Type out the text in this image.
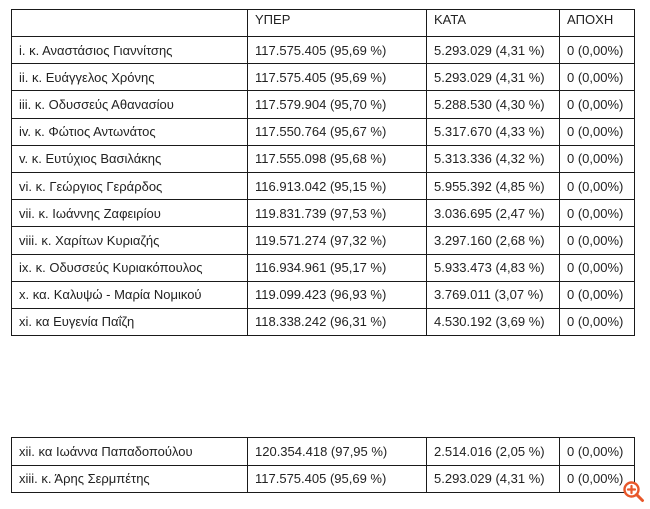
	ΥΠΕΡ	ΚΑΤΑ	ΑΠΟΧΗ
i. κ. Αναστάσιος Γιαννίτσης	117.575.405 (95,69 %)	5.293.029 (4,31 %)	0 (0,00%)
ii. κ. Ευάγγελος Χρόνης	117.575.405 (95,69 %)	5.293.029 (4,31 %)	0 (0,00%)
iii. κ. Οδυσσεύς Αθανασίου	117.579.904 (95,70 %)	5.288.530 (4,30 %)	0 (0,00%)
iv. κ. Φώτιος Αντωνάτος	117.550.764 (95,67 %)	5.317.670 (4,33 %)	0 (0,00%)
v. κ. Ευτύχιος Βασιλάκης	117.555.098 (95,68 %)	5.313.336 (4,32 %)	0 (0,00%)
vi. κ. Γεώργιος Γεράρδος	116.913.042 (95,15 %)	5.955.392 (4,85 %)	0 (0,00%)
vii. κ. Ιωάννης Ζαφειρίου	119.831.739 (97,53 %)	3.036.695 (2,47 %)	0 (0,00%)
viii. κ. Χαρίτων Κυριαζής	119.571.274 (97,32 %)	3.297.160 (2,68 %)	0 (0,00%)
ix. κ. Οδυσσεύς Κυριακόπουλος	116.934.961 (95,17 %)	5.933.473 (4,83 %)	0 (0,00%)
x. κα. Καλυψώ - Μαρία Νομικού	119.099.423 (96,93 %)	3.769.011 (3,07 %)	0 (0,00%)
xi. κα Ευγενία Παΐζη	118.338.242 (96,31 %)	4.530.192 (3,69 %)	0 (0,00%)
xii. κα Ιωάννα Παπαδοπούλου	120.354.418 (97,95 %)	2.514.016 (2,05 %)	0 (0,00%)
xiii. κ. Άρης Σερμπέτης	117.575.405 (95,69 %)	5.293.029 (4,31 %)	0 (0,00%)
